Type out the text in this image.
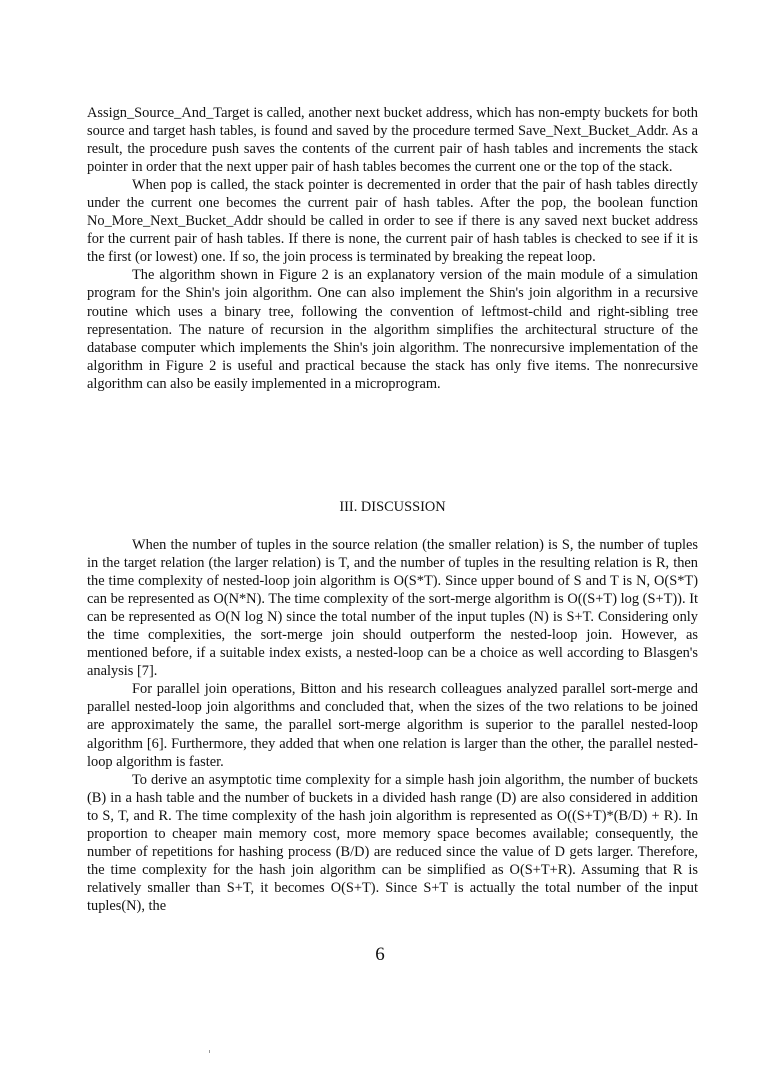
Assign_Source_And_Target is called, another next bucket address, which has non-empty buckets for both source and target hash tables, is found and saved by the procedure termed Save_Next_Bucket_Addr. As a result, the procedure push saves the contents of the current pair of hash tables and increments the stack pointer in order that the next upper pair of hash tables becomes the current one or the top of the stack.

When pop is called, the stack pointer is decremented in order that the pair of hash tables directly under the current one becomes the current pair of hash tables. After the pop, the boolean function No_More_Next_Bucket_Addr should be called in order to see if there is any saved next bucket address for the current pair of hash tables. If there is none, the current pair of hash tables is checked to see if it is the first (or lowest) one. If so, the join process is terminated by breaking the repeat loop.

The algorithm shown in Figure 2 is an explanatory version of the main module of a simulation program for the Shin's join algorithm. One can also implement the Shin's join algorithm in a recursive routine which uses a binary tree, following the convention of leftmost-child and right-sibling tree representation. The nature of recursion in the algorithm simplifies the architectural structure of the database computer which implements the Shin's join algorithm. The nonrecursive implementation of the algorithm in Figure 2 is useful and practical because the stack has only five items. The nonrecursive algorithm can also be easily implemented in a microprogram.

III. DISCUSSION

When the number of tuples in the source relation (the smaller relation) is S, the number of tuples in the target relation (the larger relation) is T, and the number of tuples in the resulting relation is R, then the time complexity of nested-loop join algorithm is O(S*T). Since upper bound of S and T is N, O(S*T) can be represented as O(N*N). The time complexity of the sort-merge algorithm is O((S+T) log (S+T)). It can be represented as O(N log N) since the total number of the input tuples (N) is S+T. Considering only the time complexities, the sort-merge join should outperform the nested-loop join. However, as mentioned before, if a suitable index exists, a nested-loop can be a choice as well according to Blasgen's analysis [7].

For parallel join operations, Bitton and his research colleagues analyzed parallel sort-merge and parallel nested-loop join algorithms and concluded that, when the sizes of the two relations to be joined are approximately the same, the parallel sort-merge algorithm is superior to the parallel nested-loop algorithm [6]. Furthermore, they added that when one relation is larger than the other, the parallel nested-loop algorithm is faster.

To derive an asymptotic time complexity for a simple hash join algorithm, the number of buckets (B) in a hash table and the number of buckets in a divided hash range (D) are also considered in addition to S, T, and R. The time complexity of the hash join algorithm is represented as O((S+T)*(B/D) + R). In proportion to cheaper main memory cost, more memory space becomes available; consequently, the number of repetitions for hashing process (B/D) are reduced since the value of D gets larger. Therefore, the time complexity for the hash join algorithm can be simplified as O(S+T+R). Assuming that R is relatively smaller than S+T, it becomes O(S+T). Since S+T is actually the total number of the input tuples(N), the

6
